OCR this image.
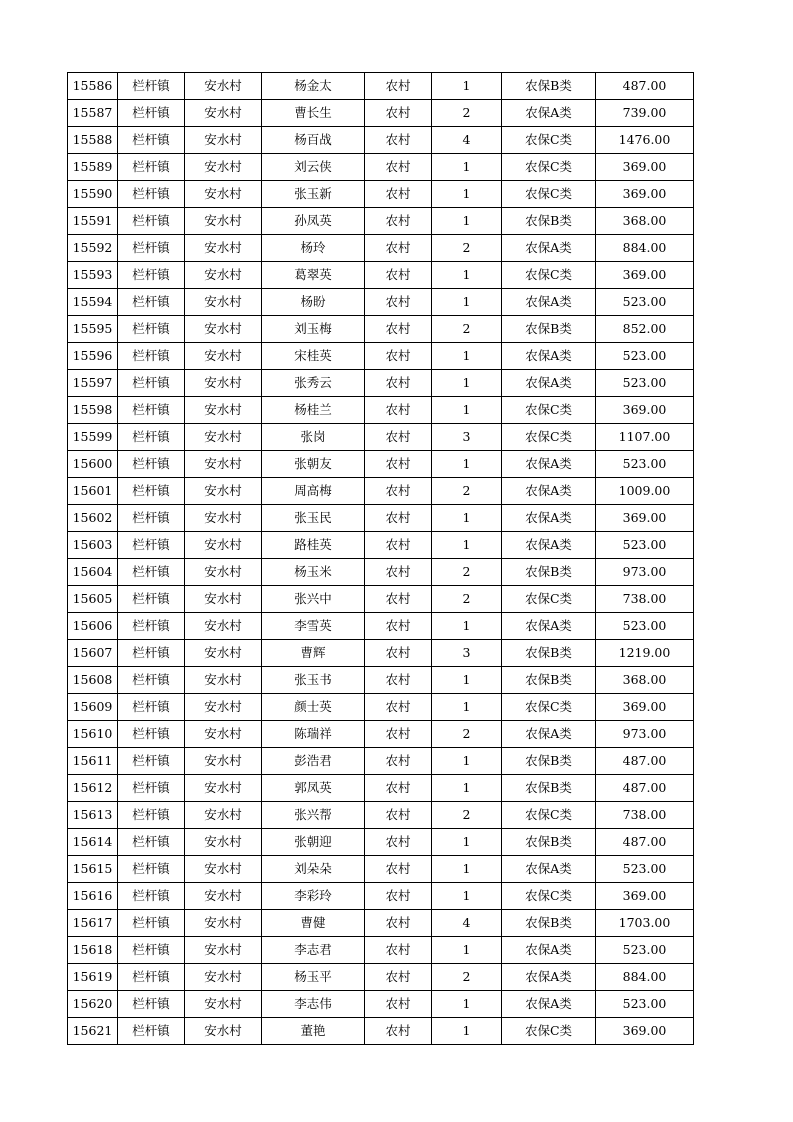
15586	栏杆镇	安水村	杨金太	农村	1	农保B类	487.00
15587	栏杆镇	安水村	曹长生	农村	2	农保A类	739.00
15588	栏杆镇	安水村	杨百战	农村	4	农保C类	1476.00
15589	栏杆镇	安水村	刘云侠	农村	1	农保C类	369.00
15590	栏杆镇	安水村	张玉新	农村	1	农保C类	369.00
15591	栏杆镇	安水村	孙凤英	农村	1	农保B类	368.00
15592	栏杆镇	安水村	杨玲	农村	2	农保A类	884.00
15593	栏杆镇	安水村	葛翠英	农村	1	农保C类	369.00
15594	栏杆镇	安水村	杨盼	农村	1	农保A类	523.00
15595	栏杆镇	安水村	刘玉梅	农村	2	农保B类	852.00
15596	栏杆镇	安水村	宋桂英	农村	1	农保A类	523.00
15597	栏杆镇	安水村	张秀云	农村	1	农保A类	523.00
15598	栏杆镇	安水村	杨桂兰	农村	1	农保C类	369.00
15599	栏杆镇	安水村	张岗	农村	3	农保C类	1107.00
15600	栏杆镇	安水村	张朝友	农村	1	农保A类	523.00
15601	栏杆镇	安水村	周高梅	农村	2	农保A类	1009.00
15602	栏杆镇	安水村	张玉民	农村	1	农保A类	369.00
15603	栏杆镇	安水村	路桂英	农村	1	农保A类	523.00
15604	栏杆镇	安水村	杨玉米	农村	2	农保B类	973.00
15605	栏杆镇	安水村	张兴中	农村	2	农保C类	738.00
15606	栏杆镇	安水村	李雪英	农村	1	农保A类	523.00
15607	栏杆镇	安水村	曹辉	农村	3	农保B类	1219.00
15608	栏杆镇	安水村	张玉书	农村	1	农保B类	368.00
15609	栏杆镇	安水村	颜士英	农村	1	农保C类	369.00
15610	栏杆镇	安水村	陈瑞祥	农村	2	农保A类	973.00
15611	栏杆镇	安水村	彭浩君	农村	1	农保B类	487.00
15612	栏杆镇	安水村	郭凤英	农村	1	农保B类	487.00
15613	栏杆镇	安水村	张兴帮	农村	2	农保C类	738.00
15614	栏杆镇	安水村	张朝迎	农村	1	农保B类	487.00
15615	栏杆镇	安水村	刘朵朵	农村	1	农保A类	523.00
15616	栏杆镇	安水村	李彩玲	农村	1	农保C类	369.00
15617	栏杆镇	安水村	曹健	农村	4	农保B类	1703.00
15618	栏杆镇	安水村	李志君	农村	1	农保A类	523.00
15619	栏杆镇	安水村	杨玉平	农村	2	农保A类	884.00
15620	栏杆镇	安水村	李志伟	农村	1	农保A类	523.00
15621	栏杆镇	安水村	董艳	农村	1	农保C类	369.00
